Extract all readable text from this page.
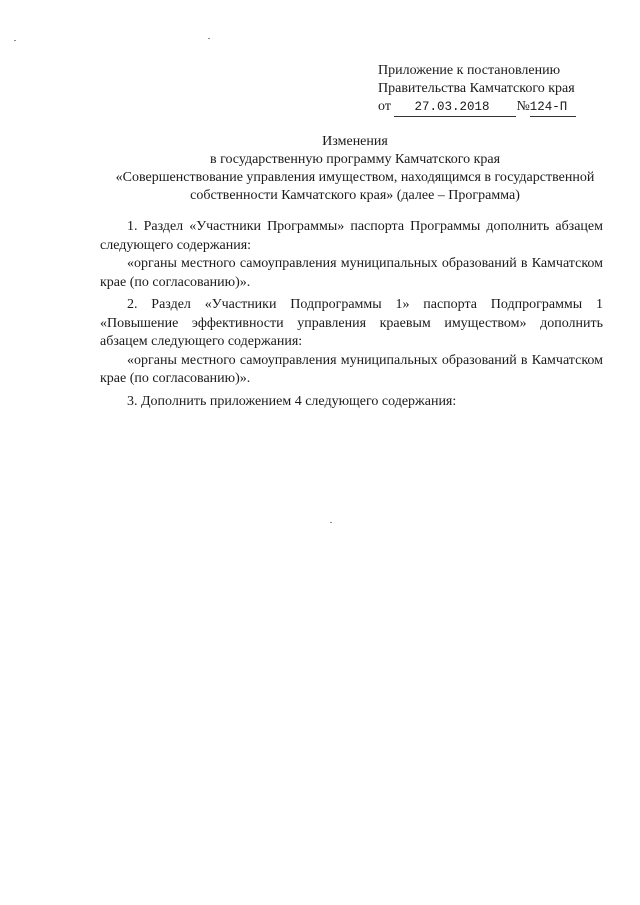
Приложение к постановлению
Правительства Камчатского края
от 27.03.2018 №124-П
Изменения
в государственную программу Камчатского края
«Совершенствование управления имуществом, находящимся в государственной
собственности Камчатского края» (далее – Программа)

1. Раздел «Участники Программы» паспорта Программы дополнить абзацем следующего содержания:

«органы местного самоуправления муниципальных образований в Камчатском крае (по согласованию)».

2. Раздел «Участники Подпрограммы 1» паспорта Подпрограммы 1 «Повышение эффективности управления краевым имуществом» дополнить абзацем следующего содержания:

«органы местного самоуправления муниципальных образований в Камчатском крае (по согласованию)».

3. Дополнить приложением 4 следующего содержания:
